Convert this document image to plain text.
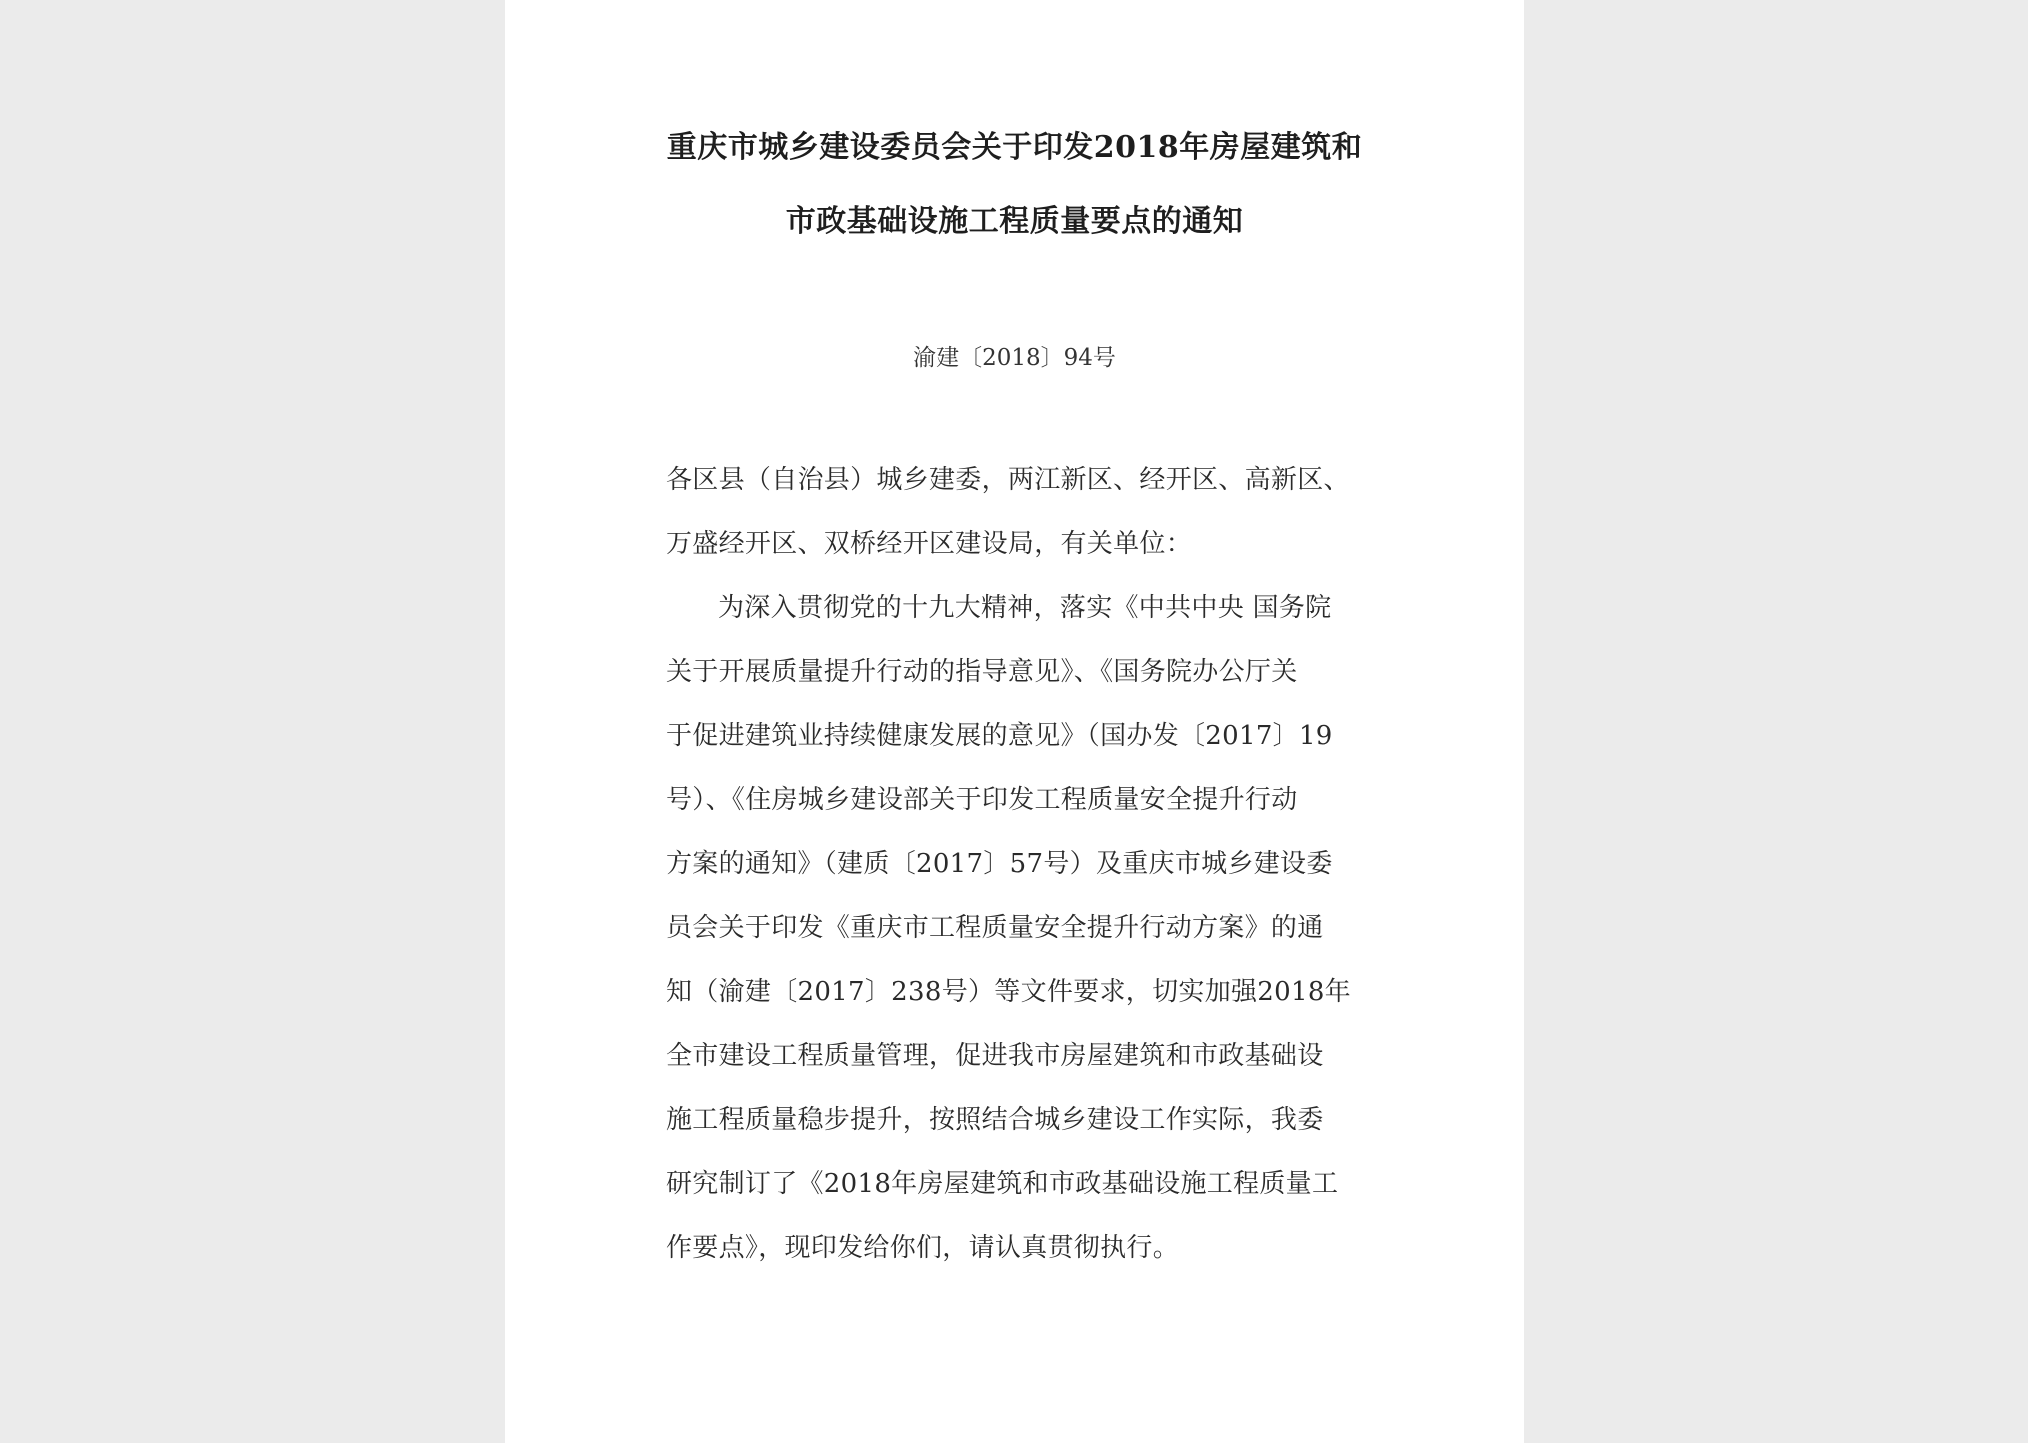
重庆市城乡建设委员会关于印发2018年房屋建筑和
市政基础设施工程质量要点的通知
渝建〔2018〕94号
各区县（自治县）城乡建委，两江新区、经开区、高新区、
万盛经开区、双桥经开区建设局，有关单位：
为深入贯彻党的十九大精神，落实《中共中央 国务院
关于开展质量提升行动的指导意见》、《国务院办公厅关
于促进建筑业持续健康发展的意见》（国办发〔2017〕19
号）、《住房城乡建设部关于印发工程质量安全提升行动
方案的通知》（建质〔2017〕57号）及重庆市城乡建设委
员会关于印发《重庆市工程质量安全提升行动方案》的通
知（渝建〔2017〕238号）等文件要求，切实加强2018年
全市建设工程质量管理，促进我市房屋建筑和市政基础设
施工程质量稳步提升，按照结合城乡建设工作实际，我委
研究制订了《2018年房屋建筑和市政基础设施工程质量工
作要点》，现印发给你们，请认真贯彻执行。
